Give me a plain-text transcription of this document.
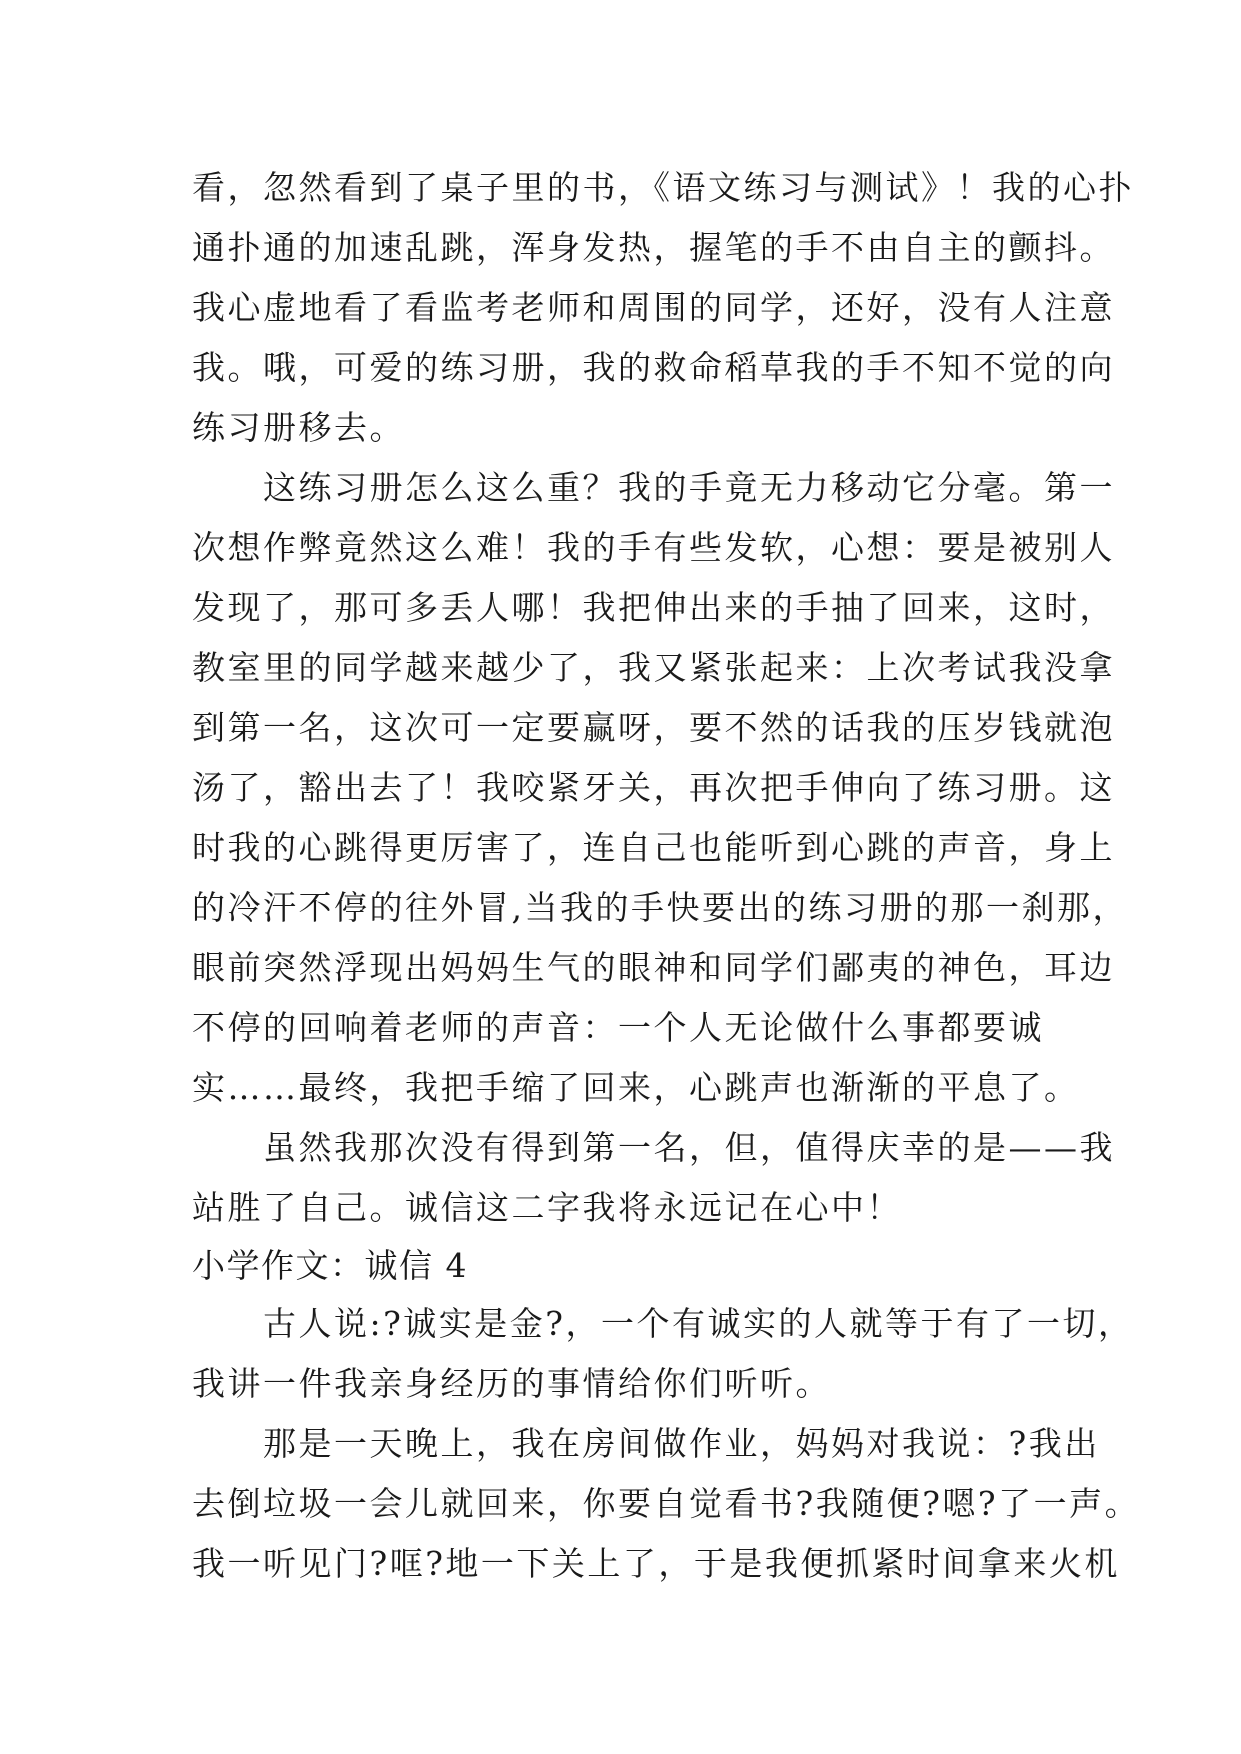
看，忽然看到了桌子里的书，《语文练习与测试》！我的心扑
通扑通的加速乱跳，浑身发热，握笔的手不由自主的颤抖。
我心虚地看了看监考老师和周围的同学，还好，没有人注意
我。哦，可爱的练习册，我的救命稻草我的手不知不觉的向
练习册移去。
　　这练习册怎么这么重？我的手竟无力移动它分毫。第一
次想作弊竟然这么难！我的手有些发软，心想：要是被别人
发现了，那可多丢人哪！我把伸出来的手抽了回来，这时，
教室里的同学越来越少了，我又紧张起来：上次考试我没拿
到第一名，这次可一定要赢呀，要不然的话我的压岁钱就泡
汤了，豁出去了！我咬紧牙关，再次把手伸向了练习册。这
时我的心跳得更厉害了，连自己也能听到心跳的声音，身上
的冷汗不停的往外冒,当我的手快要出的练习册的那一刹那，
眼前突然浮现出妈妈生气的眼神和同学们鄙夷的神色，耳边
不停的回响着老师的声音：一个人无论做什么事都要诚
实……最终，我把手缩了回来，心跳声也渐渐的平息了。
　　虽然我那次没有得到第一名，但，值得庆幸的是——我
站胜了自己。诚信这二字我将永远记在心中！
小学作文：诚信 4
　　古人说:?诚实是金?，一个有诚实的人就等于有了一切，
我讲一件我亲身经历的事情给你们听听。
　　那是一天晚上，我在房间做作业，妈妈对我说：?我出
去倒垃圾一会儿就回来，你要自觉看书?我随便?嗯?了一声。
我一听见门?哐?地一下关上了，于是我便抓紧时间拿来火机
